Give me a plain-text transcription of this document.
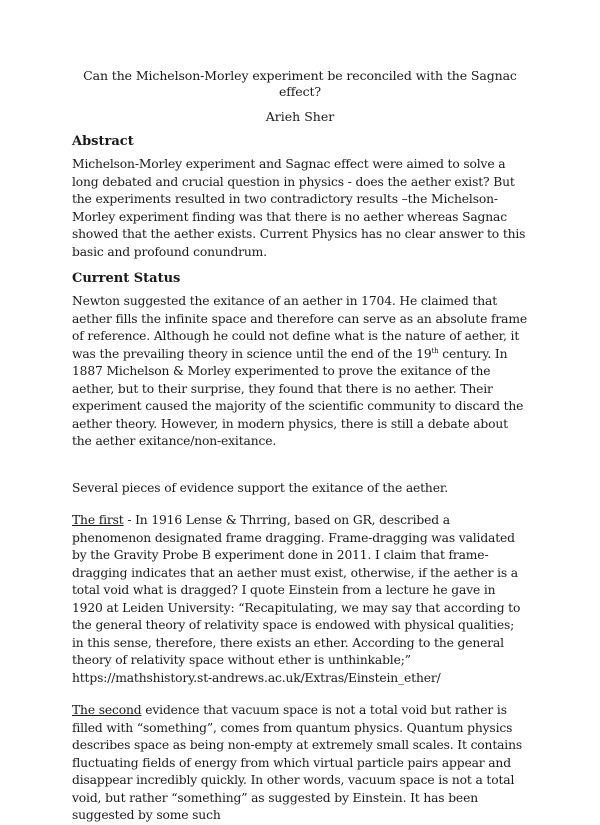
Can the Michelson-Morley experiment be reconciled with the Sagnac effect?
Arieh Sher
Abstract

Michelson-Morley experiment and Sagnac effect were aimed to solve a long debated and crucial question in physics - does the aether exist? But the experiments resulted in two contradictory results –the Michelson-Morley experiment finding was that there is no aether whereas Sagnac showed that the aether exists. Current Physics has no clear answer to this basic and profound conundrum.

Current Status

Newton suggested the exitance of an aether in 1704. He claimed that aether fills the infinite space and therefore can serve as an absolute frame of reference. Although he could not define what is the nature of aether, it was the prevailing theory in science until the end of the 19th century. In 1887 Michelson & Morley experimented to prove the exitance of the aether, but to their surprise, they found that there is no aether. Their experiment caused the majority of the scientific community to discard the aether theory. However, in modern physics, there is still a debate about the aether exitance/non-exitance.

Several pieces of evidence support the exitance of the aether.

The first - In 1916 Lense & Thrring, based on GR, described a phenomenon designated frame dragging. Frame-dragging was validated by the Gravity Probe B experiment done in 2011. I claim that frame-dragging indicates that an aether must exist, otherwise, if the aether is a total void what is dragged? I quote Einstein from a lecture he gave in 1920 at Leiden University: “Recapitulating, we may say that according to the general theory of relativity space is endowed with physical qualities; in this sense, therefore, there exists an ether. According to the general theory of relativity space without ether is unthinkable;” https://mathshistory.st-andrews.ac.uk/Extras/Einstein_ether/

The second evidence that vacuum space is not a total void but rather is filled with “something”, comes from quantum physics. Quantum physics describes space as being non-empty at extremely small scales. It contains fluctuating fields of energy from which virtual particle pairs appear and disappear incredibly quickly. In other words, vacuum space is not a total void, but rather “something” as suggested by Einstein. It has been suggested by some such
